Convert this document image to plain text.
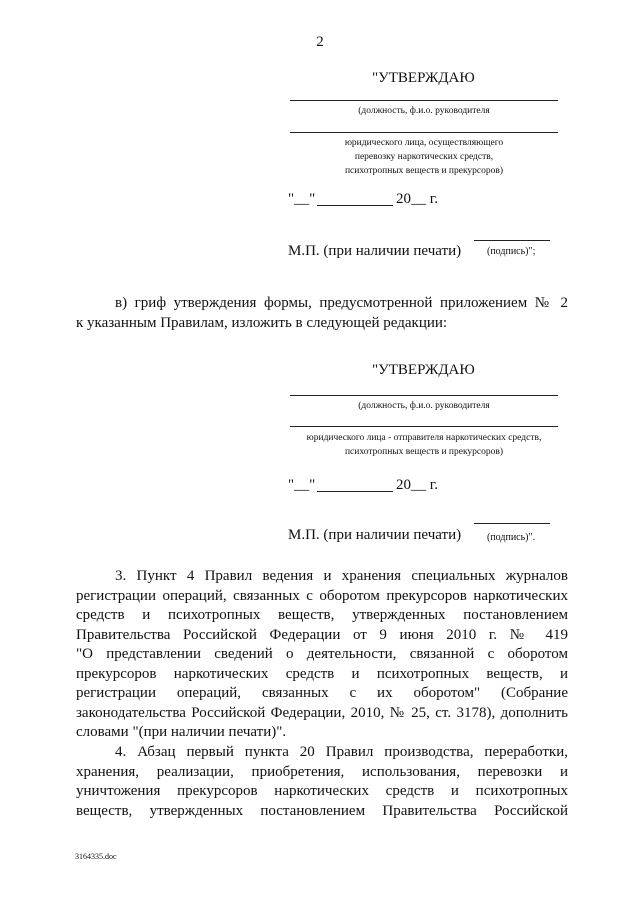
2
"УТВЕРЖДАЮ
(должность, ф.и.о. руководителя
юридического лица, осуществляющего
перевозку наркотических средств,
психотропных веществ и прекурсоров)
"__"	20__ г.
М.П. (при наличии печати)	(подпись)";
в) гриф утверждения формы, предусмотренной приложением № 2
к указанным Правилам, изложить в следующей редакции:
"УТВЕРЖДАЮ
(должность, ф.и.о. руководителя
юридического лица - отправителя наркотических средств,
психотропных веществ и прекурсоров)
"__"	20__ г.
М.П. (при наличии печати)	(подпись)".
3. Пункт 4 Правил ведения и хранения специальных журналов
регистрации операций, связанных с оборотом прекурсоров наркотических
средств и психотропных веществ, утвержденных постановлением
Правительства Российской Федерации от 9 июня 2010 г. № 419
"О представлении сведений о деятельности, связанной с оборотом
прекурсоров наркотических средств и психотропных веществ, и
регистрации операций, связанных с их оборотом" (Собрание
законодательства Российской Федерации, 2010, № 25, ст. 3178), дополнить
словами "(при наличии печати)".
4. Абзац первый пункта 20 Правил производства, переработки,
хранения, реализации, приобретения, использования, перевозки и
уничтожения прекурсоров наркотических средств и психотропных
веществ, утвержденных постановлением Правительства Российской
3164335.doc
